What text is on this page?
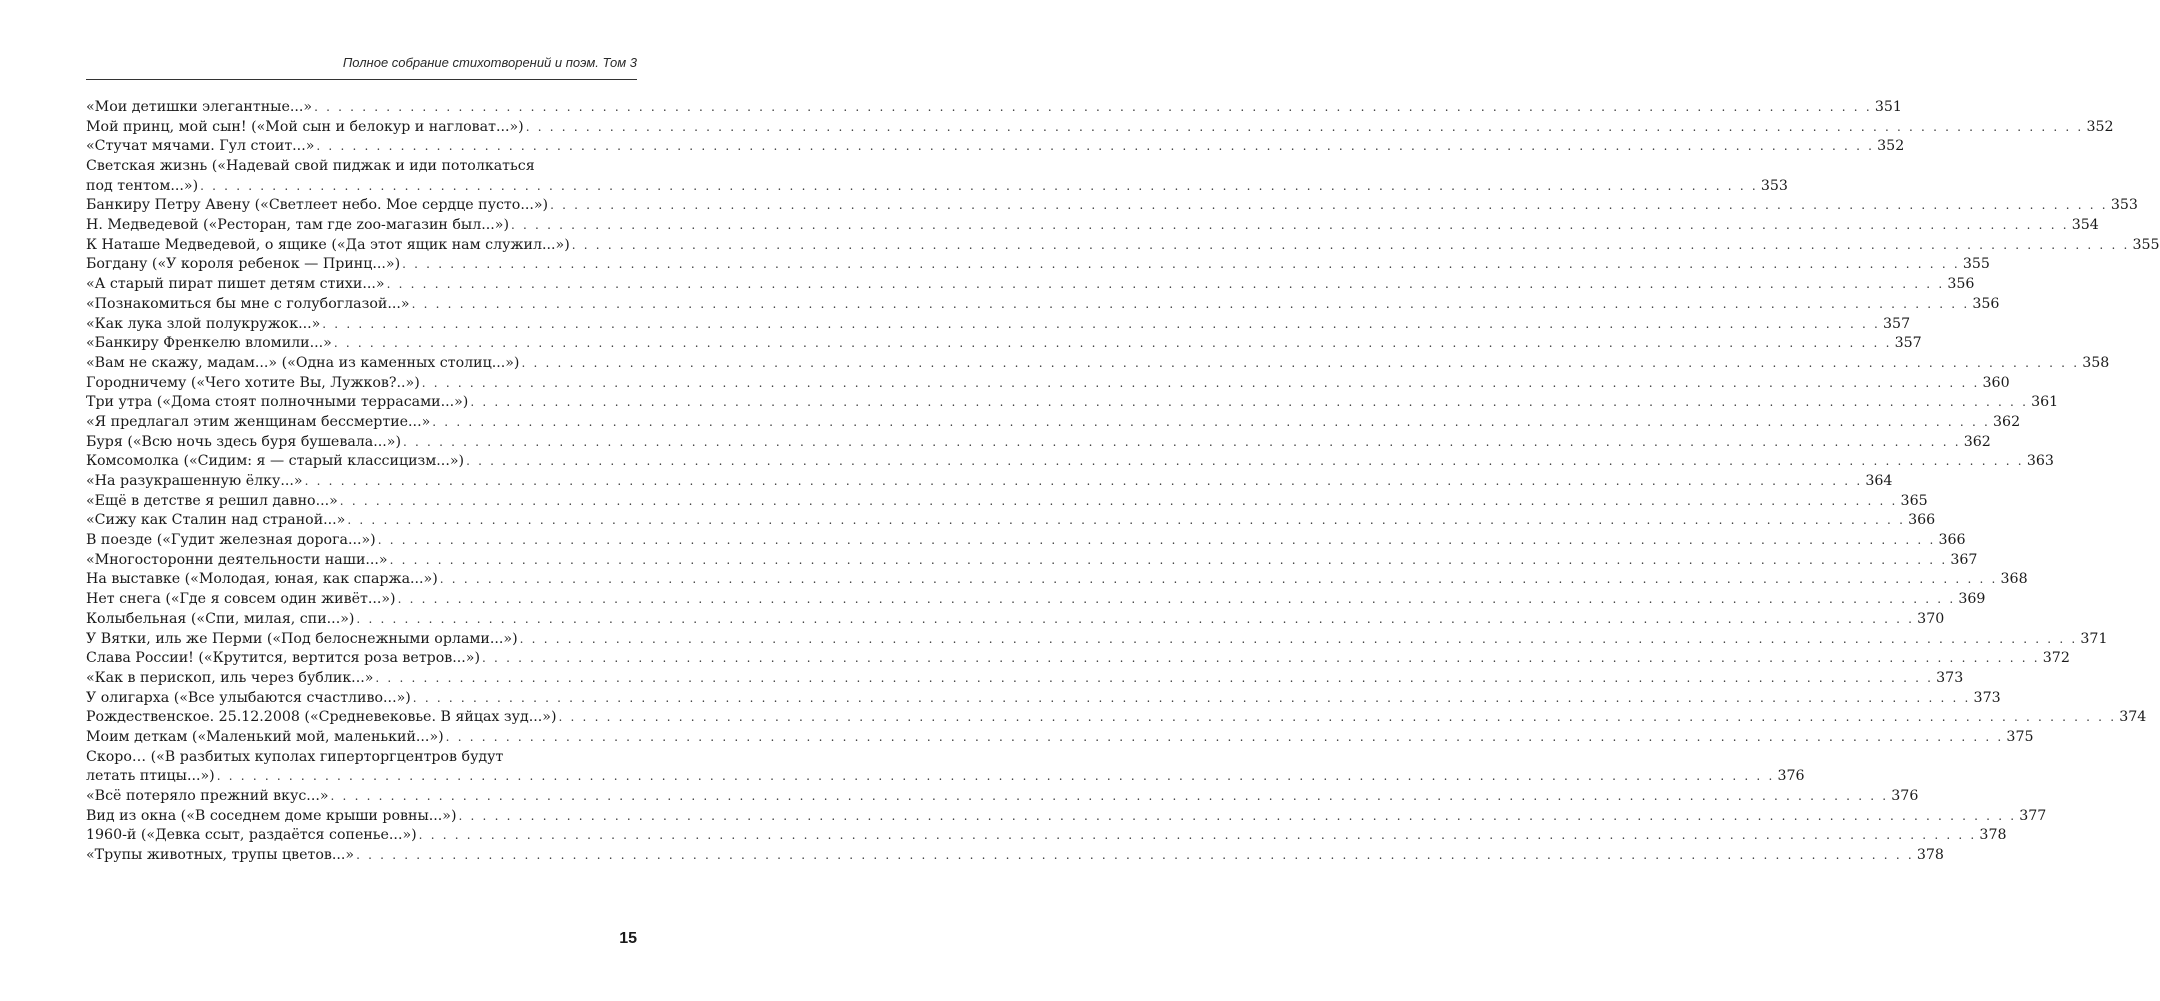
Полное собрание стихотворений и поэм. Том 3
«Мои детишки элегантные...» . . .	351
Мой принц, мой сын! («Мой сын и белокур и нагловат...») . . .	352
«Стучат мячами. Гул стоит...» . . .	352
Светская жизнь («Надевай свой пиджак и иди потолкаться
под тентом...») . . .	353
Банкиру Петру Авену («Светлеет небо. Мое сердце пусто...») . . .	353
Н. Медведевой («Ресторан, там где zoo-магазин был...») . . .	354
К Наташе Медведевой, о ящике («Да этот ящик нам служил...») . . .	355
Богдану («У короля ребенок — Принц...») . . .	355
«А старый пират пишет детям стихи...» . . .	356
«Познакомиться бы мне с голубоглазой...» . . .	356
«Как лука злой полукружок...» . . .	357
«Банкиру Френкелю вломили...» . . .	357
«Вам не скажу, мадам...» («Одна из каменных столиц...») . . .	358
Городничему («Чего хотите Вы, Лужков?..») . . .	360
Три утра («Дома стоят полночными террасами...») . . .	361
«Я предлагал этим женщинам бессмертие...» . . .	362
Буря («Всю ночь здесь буря бушевала...») . . .	362
Комсомолка («Сидим: я — старый классицизм...») . . .	363
«На разукрашенную ёлку...» . . .	364
«Ещё в детстве я решил давно...» . . .	365
«Сижу как Сталин над страной...» . . .	366
В поезде («Гудит железная дорога...») . . .	366
«Многосторонни деятельности наши...» . . .	367
На выставке («Молодая, юная, как спаржа...») . . .	368
Нет снега («Где я совсем один живёт...») . . .	369
Колыбельная («Спи, милая, спи...») . . .	370
У Вятки, иль же Перми («Под белоснежными орлами...») . . .	371
Слава России! («Крутится, вертится роза ветров...») . . .	372
«Как в перископ, иль через бублик...» . . .	373
У олигарха («Все улыбаются счастливо...») . . .	373
Рождественское. 25.12.2008 («Средневековье. В яйцах зуд...») . . .	374
Моим деткам («Маленький мой, маленький...») . . .	375
Скоро… («В разбитых куполах гиперторгцентров будут
летать птицы...») . . .	376
«Всё потеряло прежний вкус...» . . .	376
Вид из окна («В соседнем доме крыши ровны...») . . .	377
1960-й («Девка ссыт, раздаётся сопенье...») . . .	378
«Трупы животных, трупы цветов...» . . .	378
15
